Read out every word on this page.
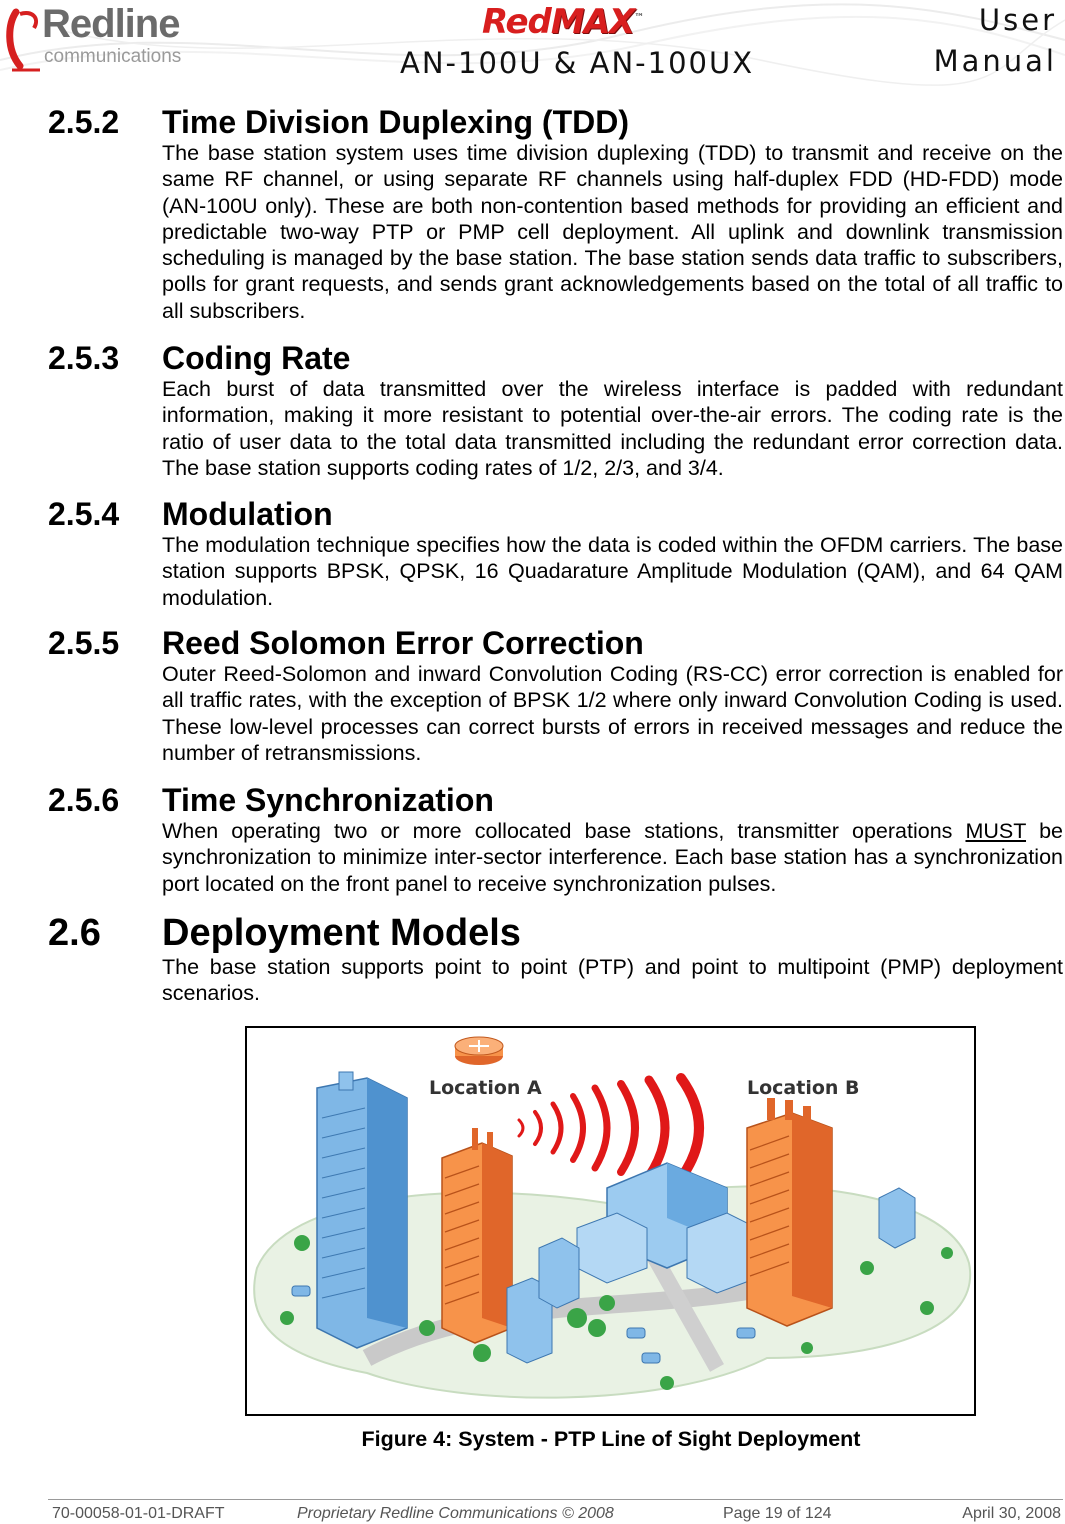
Redline
communications
RedMAX™
AN-100U & AN-100UX
User
Manual
2.5.2 Time Division Duplexing (TDD)
The base station system uses time division duplexing (TDD) to transmit and receive on the same RF channel, or using separate RF channels using half-duplex FDD (HD-FDD) mode (AN-100U only). These are both non-contention based methods for providing an efficient and predictable two-way PTP or PMP cell deployment. All uplink and downlink transmission scheduling is managed by the base station. The base station sends data traffic to subscribers, polls for grant requests, and sends grant acknowledgements based on the total of all traffic to all subscribers.
2.5.3 Coding Rate
Each burst of data transmitted over the wireless interface is padded with redundant information, making it more resistant to potential over-the-air errors. The coding rate is the ratio of user data to the total data transmitted including the redundant error correction data. The base station supports coding rates of 1/2, 2/3, and 3/4.
2.5.4 Modulation
The modulation technique specifies how the data is coded within the OFDM carriers. The base station supports BPSK, QPSK, 16 Quadarature Amplitude Modulation (QAM), and 64 QAM modulation.
2.5.5 Reed Solomon Error Correction
Outer Reed-Solomon and inward Convolution Coding (RS-CC) error correction is enabled for all traffic rates, with the exception of BPSK 1/2 where only inward Convolution Coding is used. These low-level processes can correct bursts of errors in received messages and reduce the number of retransmissions.
2.5.6 Time Synchronization
When operating two or more collocated base stations, transmitter operations MUST be synchronization to minimize inter-sector interference. Each base station has a synchronization port located on the front panel to receive synchronization pulses.
2.6 Deployment Models
The base station supports point to point (PTP) and point to multipoint (PMP) deployment scenarios.
Location A	Location B
Figure 4: System - PTP Line of Sight Deployment
70-00058-01-01-DRAFT	Proprietary Redline Communications © 2008	Page 19 of 124	April 30, 2008
